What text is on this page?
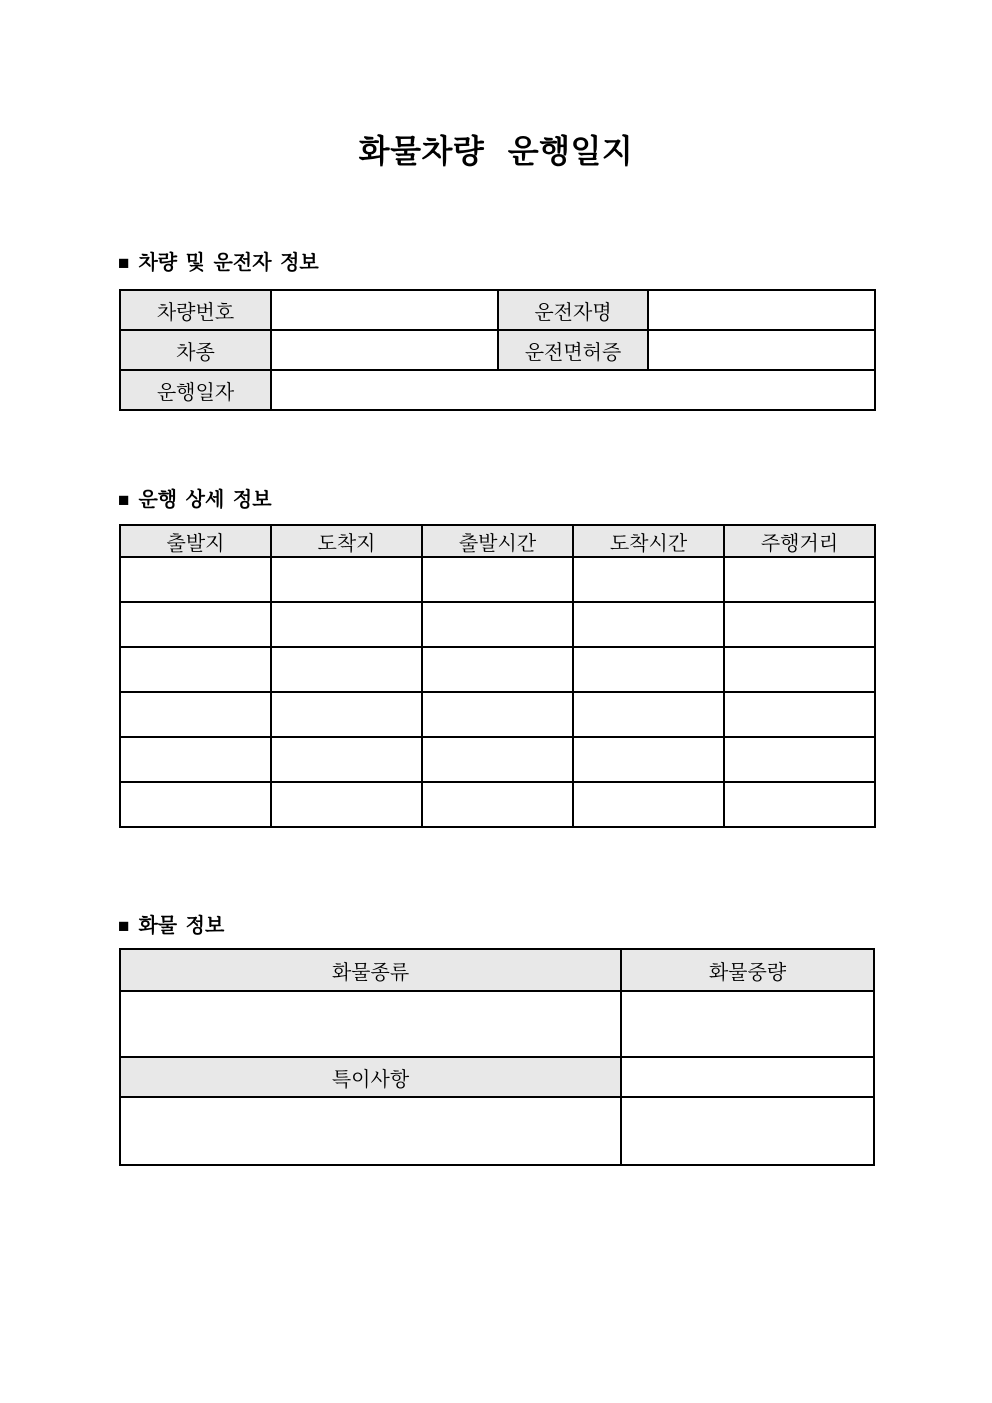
화물차량 운행일지
■ 차량 및 운전자 정보
차량번호		운전자명	
차종		운전면허증	
운행일자			
■ 운행 상세 정보
출발지	도착지	출발시간	도착시간	주행거리

■ 화물 정보
화물종류	화물중량

특이사항	
